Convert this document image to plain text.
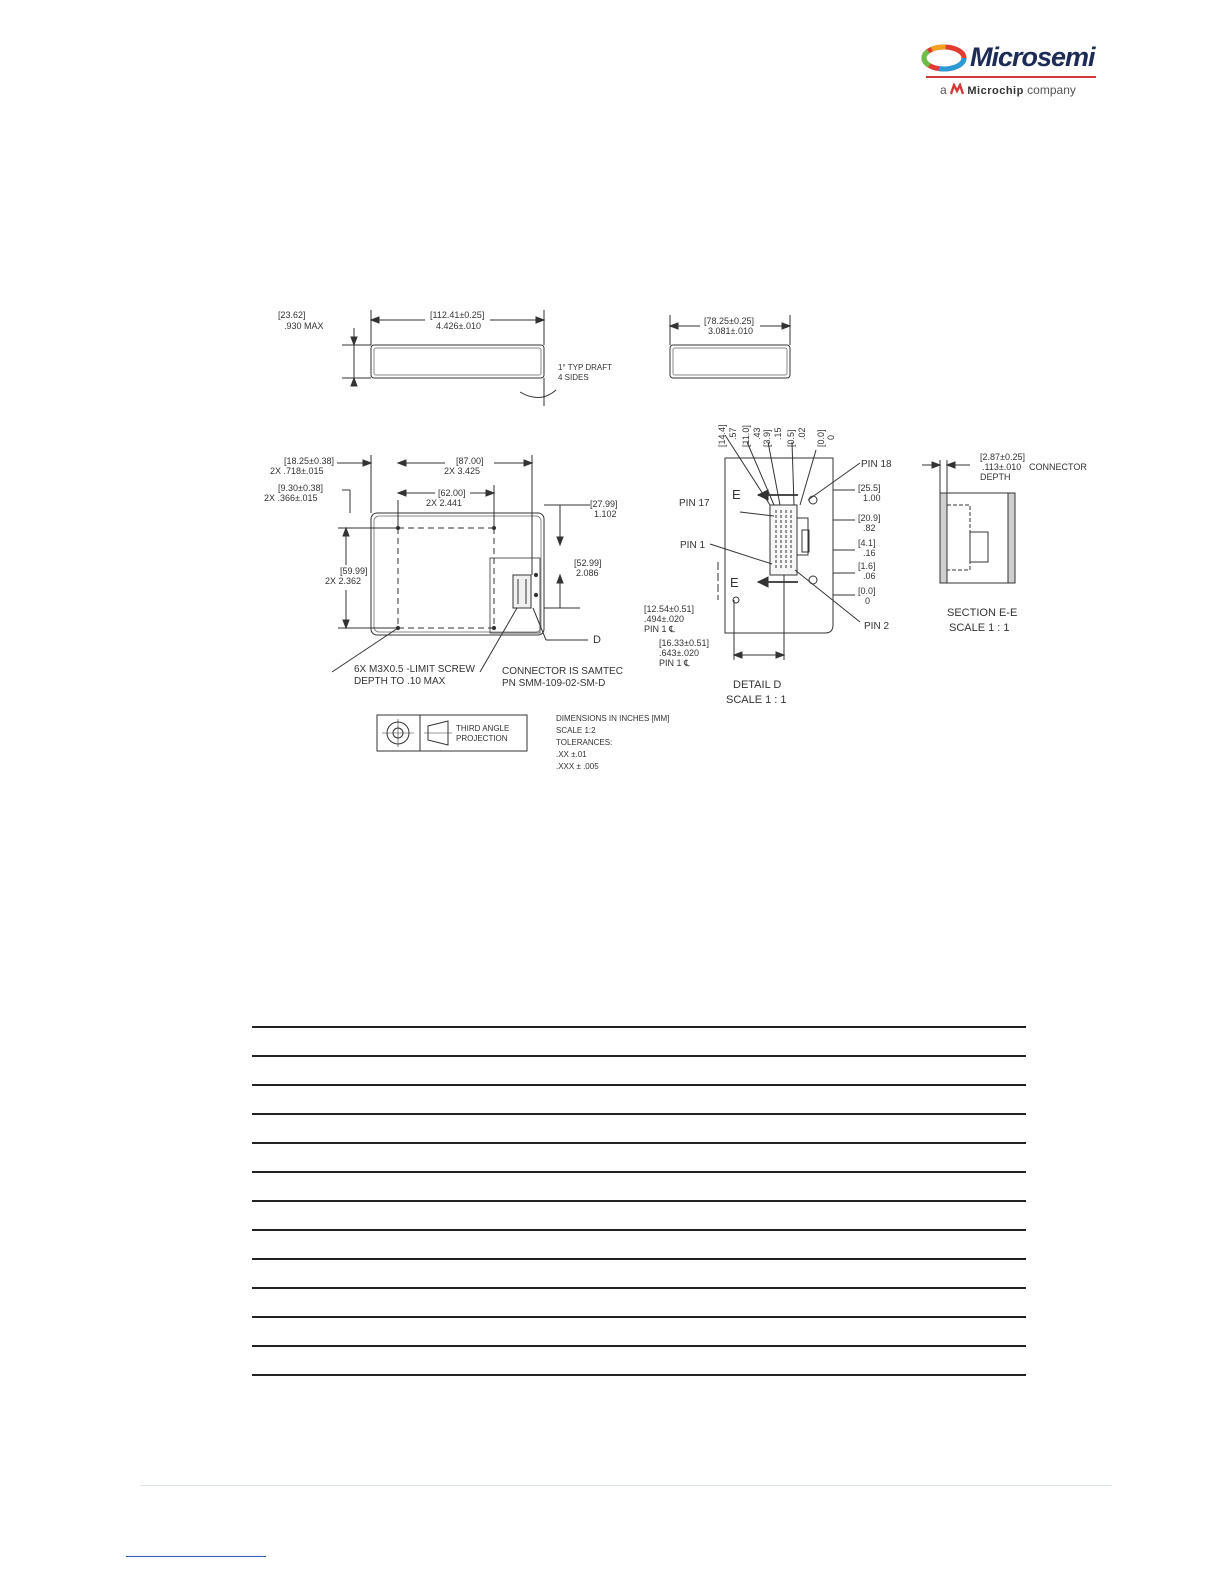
Microsemi
a Microchip company
[23.62]
.930 MAX
[112.41±0.25]
4.426±.010
1° TYP DRAFT
4 SIDES
[78.25±0.25]
3.081±.010
[18.25±0.38]
2X .718±.015
[9.30±0.38]
2X .366±.015
[87.00]
2X 3.425
[62.00]
2X 2.441	[27.99]
1.102
[59.99]
2X 2.362
[52.99]
2.086
D
6X M3X0.5 -LIMIT SCREW
DEPTH TO .10 MAX
CONNECTOR IS SAMTEC
PN SMM-109-02-SM-D
[14.4] .57 [11.0] .43 [3.9] .15 [0.5] .02 [0.0] 0
PIN 18
PIN 17
PIN 1
PIN 2
E
E
[25.5]
1.00
[20.9]
.82
[4.1]
.16
[1.6]
.06
[0.0]
0
[12.54±0.51]
.494±.020
PIN 1 ℄
[16.33±0.51]
.643±.020
PIN 1 ℄
[2.87±0.25]
.113±.010 CONNECTOR
DEPTH
DETAIL D
SCALE 1 : 1
SECTION E-E
SCALE 1 : 1
THIRD ANGLE
PROJECTION
DIMENSIONS IN INCHES [MM]
SCALE 1:2
TOLERANCES:
.XX ±.01
.XXX ± .005
